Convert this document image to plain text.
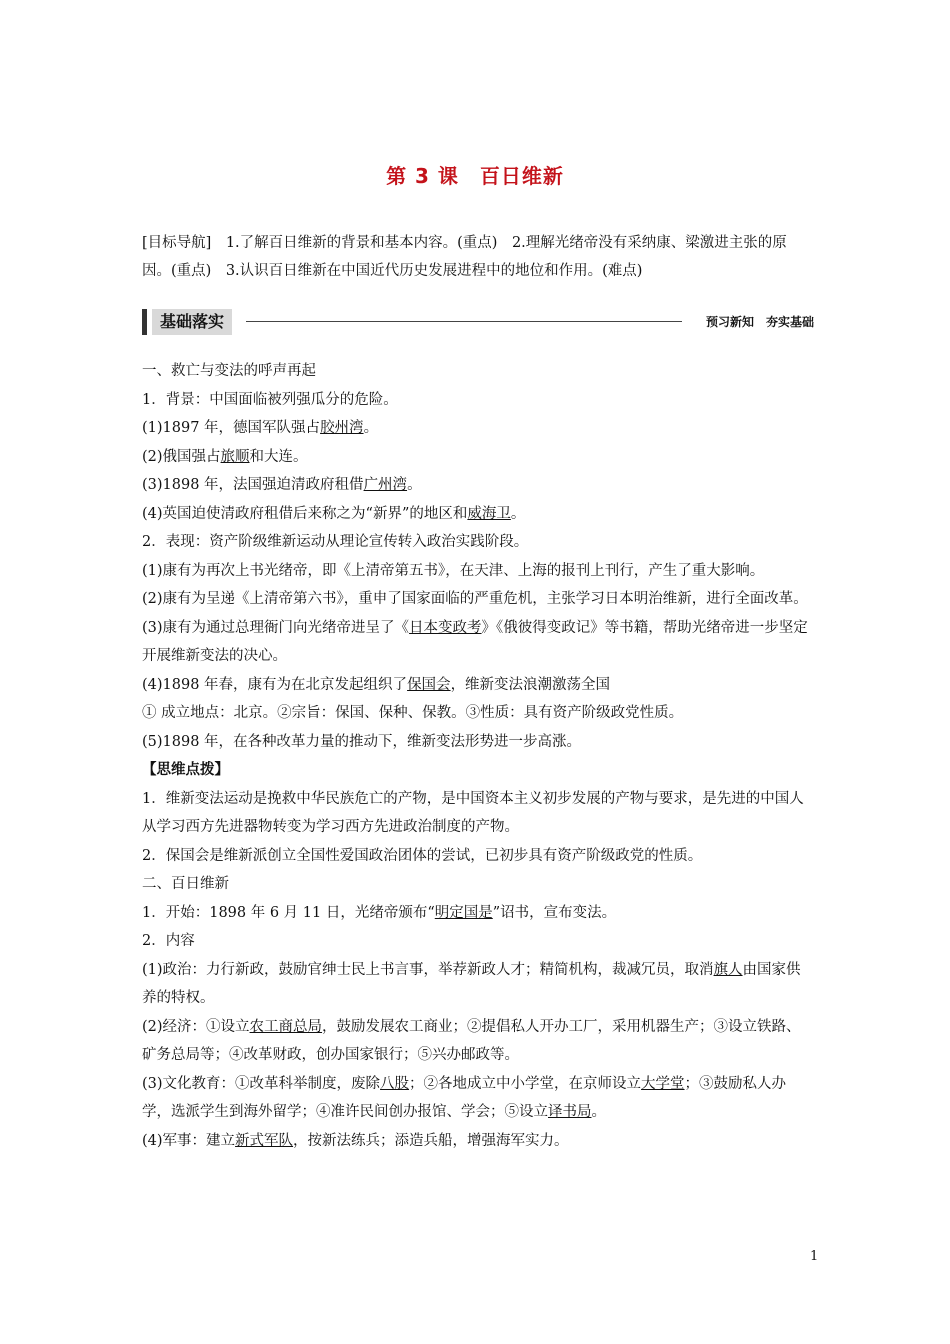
第 3 课　百日维新
[目标导航]　1.了解百日维新的背景和基本内容。(重点)　2.理解光绪帝没有采纳康、梁激进主张的原因。(重点)　3.认识百日维新在中国近代历史发展进程中的地位和作用。(难点)
基础落实	预习新知　夯实基础

一、救亡与变法的呼声再起

1．背景：中国面临被列强瓜分的危险。

(1)1897 年，德国军队强占胶州湾。

(2)俄国强占旅顺和大连。

(3)1898 年，法国强迫清政府租借广州湾。

(4)英国迫使清政府租借后来称之为“新界”的地区和威海卫。

2．表现：资产阶级维新运动从理论宣传转入政治实践阶段。

(1)康有为再次上书光绪帝，即《上清帝第五书》，在天津、上海的报刊上刊行，产生了重大影响。

(2)康有为呈递《上清帝第六书》，重申了国家面临的严重危机，主张学习日本明治维新，进行全面改革。

(3)康有为通过总理衙门向光绪帝进呈了《日本变政考》《俄彼得变政记》等书籍，帮助光绪帝进一步坚定开展维新变法的决心。

(4)1898 年春，康有为在北京发起组织了保国会，维新变法浪潮激荡全国

① 成立地点：北京。②宗旨：保国、保种、保教。③性质：具有资产阶级政党性质。

(5)1898 年，在各种改革力量的推动下，维新变法形势进一步高涨。

【思维点拨】

1．维新变法运动是挽救中华民族危亡的产物，是中国资本主义初步发展的产物与要求，是先进的中国人从学习西方先进器物转变为学习西方先进政治制度的产物。

2．保国会是维新派创立全国性爱国政治团体的尝试，已初步具有资产阶级政党的性质。

二、百日维新

1．开始：1898 年 6 月 11 日，光绪帝颁布“明定国是”诏书，宣布变法。

2．内容

(1)政治：力行新政，鼓励官绅士民上书言事，举荐新政人才；精简机构，裁减冗员，取消旗人由国家供养的特权。

(2)经济：①设立农工商总局，鼓励发展农工商业；②提倡私人开办工厂，采用机器生产；③设立铁路、矿务总局等；④改革财政，创办国家银行；⑤兴办邮政等。

(3)文化教育：①改革科举制度，废除八股；②各地成立中小学堂，在京师设立大学堂；③鼓励私人办学，选派学生到海外留学；④准许民间创办报馆、学会；⑤设立译书局。

(4)军事：建立新式军队，按新法练兵；添造兵船，增强海军实力。

1
